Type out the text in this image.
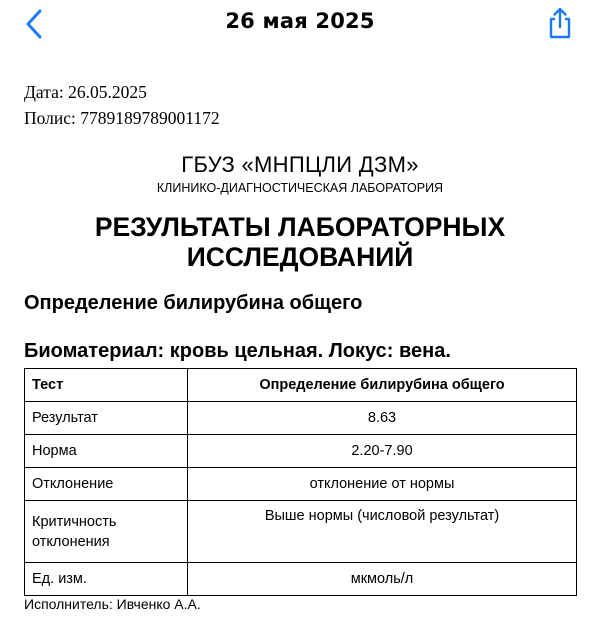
26 мая 2025
Дата: 26.05.2025
Полис: 7789189789001172
ГБУЗ «МНПЦЛИ ДЗМ»
КЛИНИКО-ДИАГНОСТИЧЕСКАЯ ЛАБОРАТОРИЯ
РЕЗУЛЬТАТЫ ЛАБОРАТОРНЫХ ИССЛЕДОВАНИЙ
Определение билирубина общего
Биоматериал: кровь цельная. Локус: вена.
Тест	Определение билирубина общего
Результат	8.63
Норма	2.20-7.90
Отклонение	отклонение от нормы
Критичность отклонения	Выше нормы (числовой результат)
Ед. изм.	мкмоль/л
Исполнитель: Ивченко А.А.
